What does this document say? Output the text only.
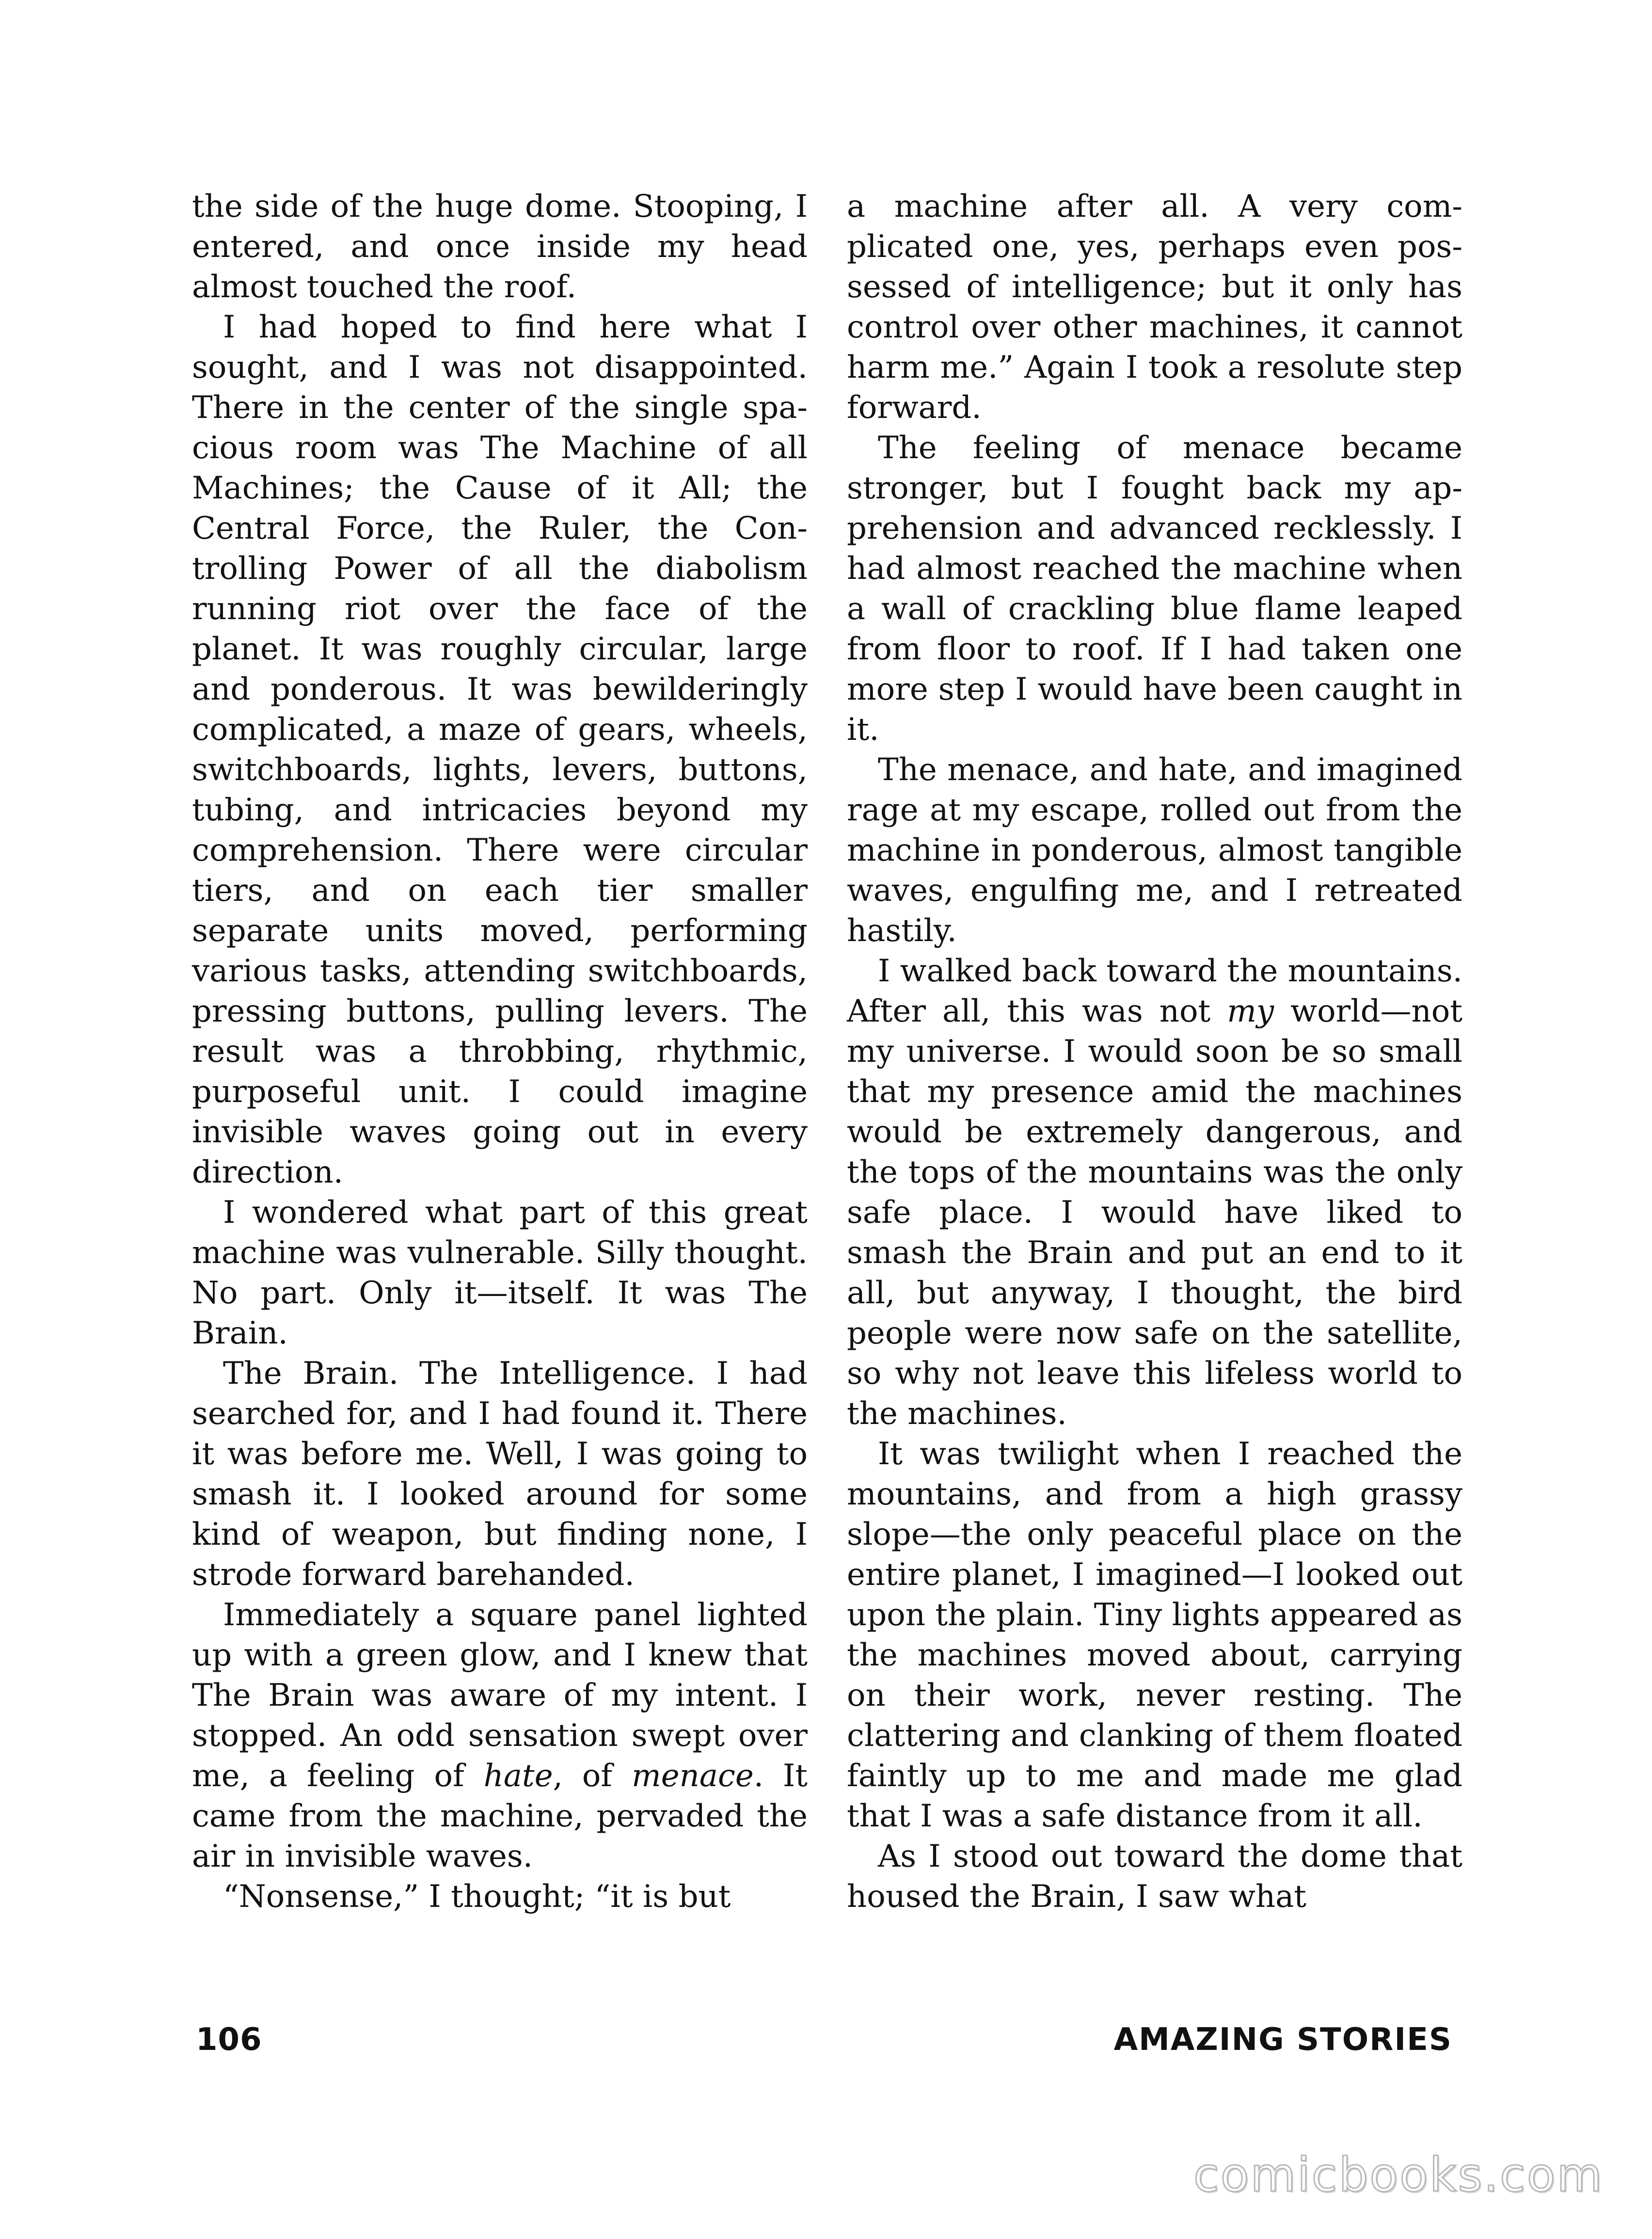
the side of the huge dome. Stooping, I entered, and once inside my head almost touched the roof.

I had hoped to find here what I sought, and I was not disappointed. There in the center of the single spacious room was The Machine of all Machines; the Cause of it All; the Central Force, the Ruler, the Controlling Power of all the diabolism running riot over the face of the planet. It was roughly circular, large and ponderous. It was bewilderingly complicated, a maze of gears, wheels, switchboards, lights, levers, buttons, tubing, and intricacies beyond my comprehension. There were circular tiers, and on each tier smaller separate units moved, performing various tasks, attending switchboards, pressing buttons, pulling levers. The result was a throbbing, rhythmic, purposeful unit. I could imagine invisible waves going out in every direction.

I wondered what part of this great machine was vulnerable. Silly thought. No part. Only it—itself. It was The Brain.

The Brain. The Intelligence. I had searched for, and I had found it. There it was before me. Well, I was going to smash it. I looked around for some kind of weapon, but finding none, I strode forward barehanded.

Immediately a square panel lighted up with a green glow, and I knew that The Brain was aware of my intent. I stopped. An odd sensation swept over me, a feeling of hate, of menace. It came from the machine, pervaded the air in invisible waves.

“Nonsense,” I thought; “it is but

a machine after all. A very complicated one, yes, perhaps even possessed of intelligence; but it only has control over other machines, it cannot harm me.” Again I took a resolute step forward.

The feeling of menace became stronger, but I fought back my apprehension and advanced recklessly. I had almost reached the machine when a wall of crackling blue flame leaped from floor to roof. If I had taken one more step I would have been caught in it.

The menace, and hate, and imagined rage at my escape, rolled out from the machine in ponderous, almost tangible waves, engulfing me, and I retreated hastily.

I walked back toward the mountains. After all, this was not my world—not my universe. I would soon be so small that my presence amid the machines would be extremely dangerous, and the tops of the mountains was the only safe place. I would have liked to smash the Brain and put an end to it all, but anyway, I thought, the bird people were now safe on the satellite, so why not leave this lifeless world to the machines.

It was twilight when I reached the mountains, and from a high grassy slope—the only peaceful place on the entire planet, I imagined—I looked out upon the plain. Tiny lights appeared as the machines moved about, carrying on their work, never resting. The clattering and clanking of them floated faintly up to me and made me glad that I was a safe distance from it all.

As I stood out toward the dome that housed the Brain, I saw what

106	AMAZING STORIES
comicbooks.com
